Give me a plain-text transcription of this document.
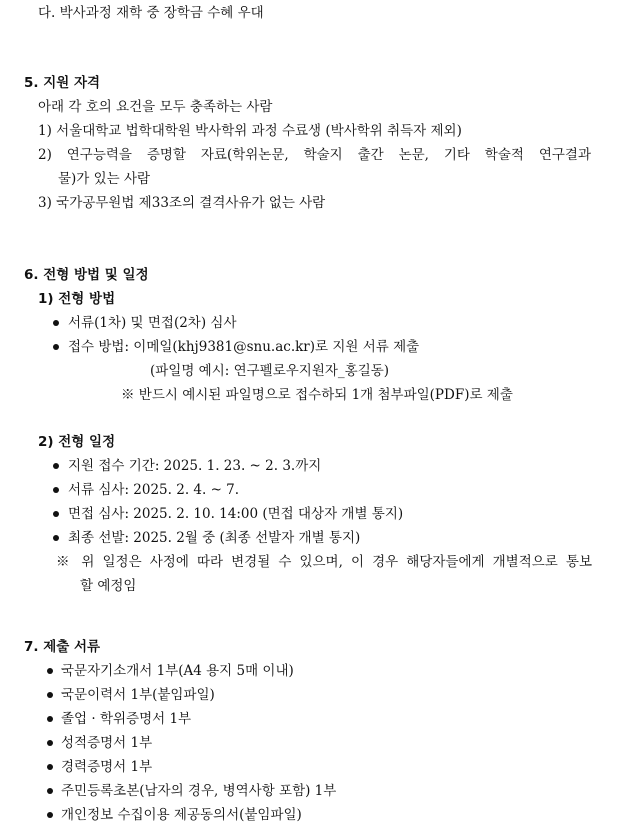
다. 박사과정 재학 중 장학금 수혜 우대
5. 지원 자격
아래 각 호의 요건을 모두 충족하는 사람
1) 서울대학교 법학대학원 박사학위 과정 수료생 (박사학위 취득자 제외)
2) 연구능력을 증명할 자료(학위논문, 학술지 출간 논문, 기타 학술적 연구결과
물)가 있는 사람
3) 국가공무원법 제33조의 결격사유가 없는 사람
6. 전형 방법 및 일정
1) 전형 방법
서류(1차) 및 면접(2차) 심사
접수 방법: 이메일(khj9381@snu.ac.kr)로 지원 서류 제출
(파일명 예시: 연구펠로우지원자_홍길동)
※ 반드시 예시된 파일명으로 접수하되 1개 첨부파일(PDF)로 제출
2) 전형 일정
지원 접수 기간: 2025. 1. 23. ~ 2. 3.까지
서류 심사: 2025. 2. 4. ~ 7.
면접 심사: 2025. 2. 10. 14:00 (면접 대상자 개별 통지)
최종 선발: 2025. 2월 중 (최종 선발자 개별 통지)
※ 위 일정은 사정에 따라 변경될 수 있으며, 이 경우 해당자들에게 개별적으로 통보
할 예정임
7. 제출 서류
국문자기소개서 1부(A4 용지 5매 이내)
국문이력서 1부(붙임파일)
졸업 · 학위증명서 1부
성적증명서 1부
경력증명서 1부
주민등록초본(남자의 경우, 병역사항 포함) 1부
개인정보 수집이용 제공동의서(붙임파일)
